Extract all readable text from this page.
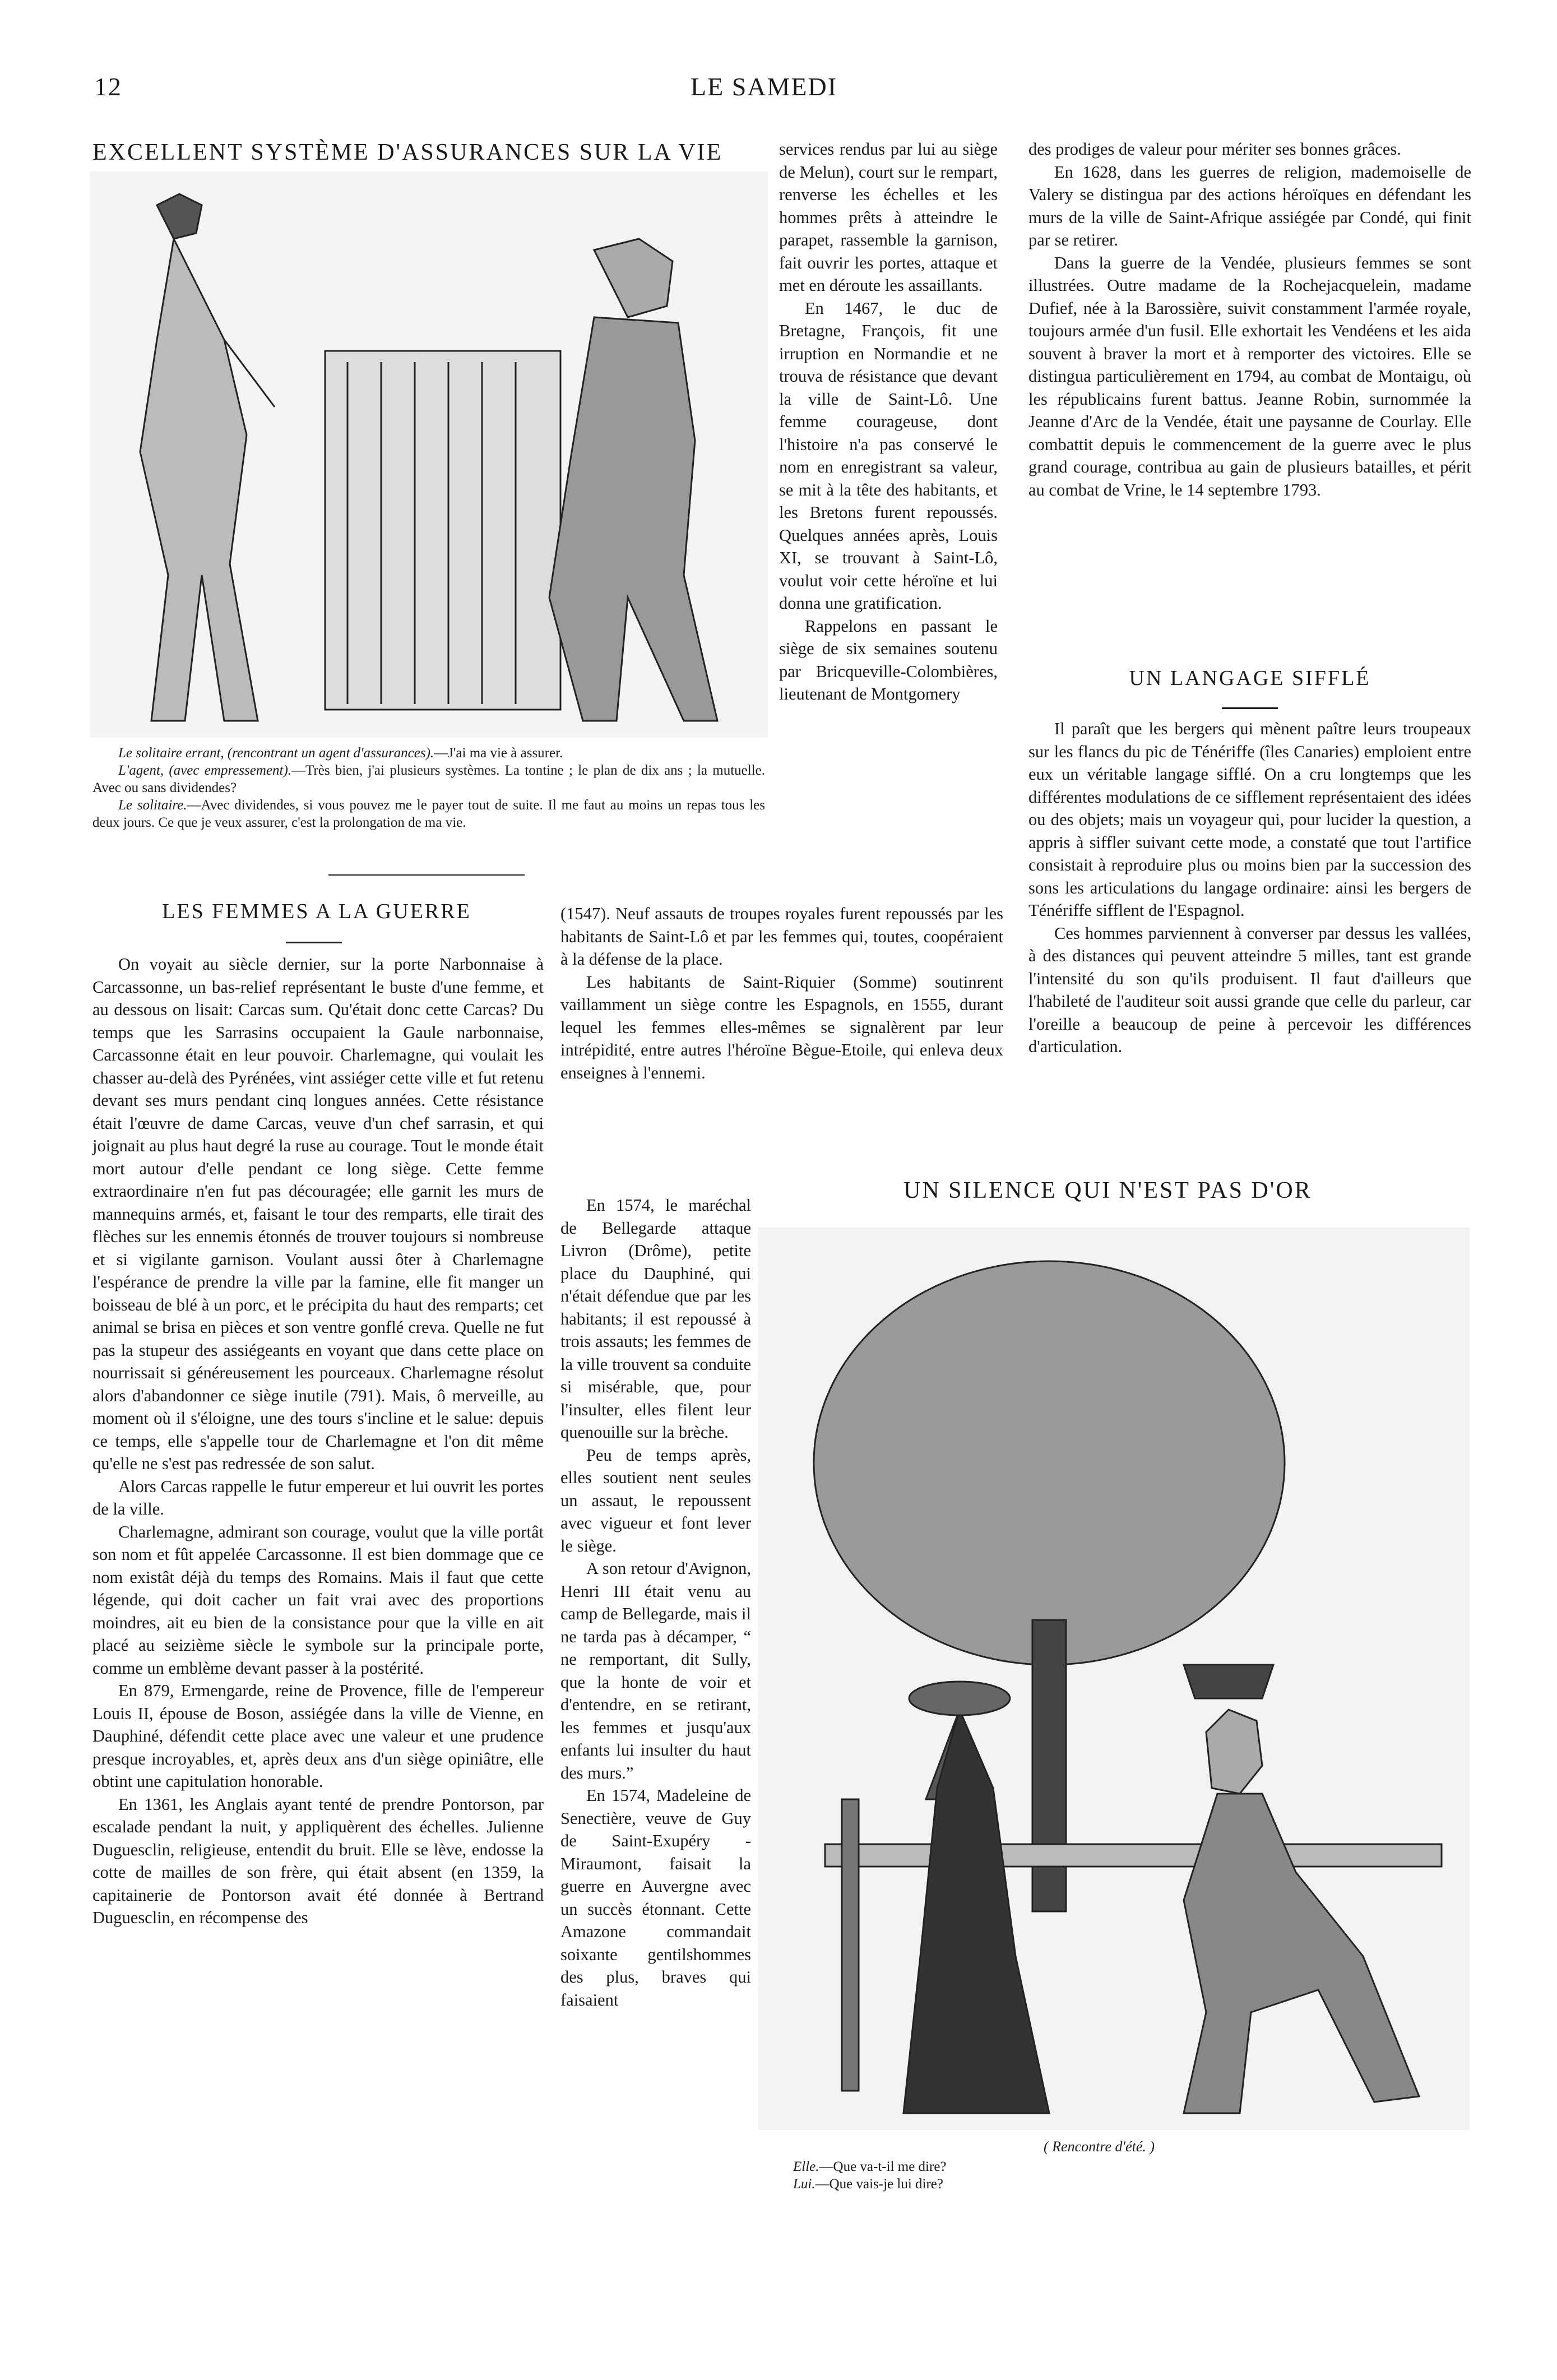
12	LE SAMEDI
EXCELLENT SYSTÈME D'ASSURANCES SUR LA VIE

Le solitaire errant, (rencontrant un agent d'assurances).—J'ai ma vie à assurer.

L'agent, (avec empressement).—Très bien, j'ai plusieurs systèmes. La tontine ; le plan de dix ans ; la mutuelle. Avec ou sans dividendes?

Le solitaire.—Avec dividendes, si vous pouvez me le payer tout de suite. Il me faut au moins un repas tous les deux jours. Ce que je veux assurer, c'est la prolongation de ma vie.

LES FEMMES A LA GUERRE

On voyait au siècle dernier, sur la porte Narbonnaise à Carcassonne, un bas-relief représentant le buste d'une femme, et au dessous on lisait: Carcas sum. Qu'était donc cette Carcas? Du temps que les Sarrasins occupaient la Gaule narbonnaise, Carcassonne était en leur pouvoir. Charlemagne, qui voulait les chasser au-delà des Pyrénées, vint assiéger cette ville et fut retenu devant ses murs pendant cinq longues années. Cette résistance était l'œuvre de dame Carcas, veuve d'un chef sarrasin, et qui joignait au plus haut degré la ruse au courage. Tout le monde était mort autour d'elle pendant ce long siège. Cette femme extraordinaire n'en fut pas découragée; elle garnit les murs de mannequins armés, et, faisant le tour des remparts, elle tirait des flèches sur les ennemis étonnés de trouver toujours si nombreuse et si vigilante garnison. Voulant aussi ôter à Charlemagne l'espérance de prendre la ville par la famine, elle fit manger un boisseau de blé à un porc, et le précipita du haut des remparts; cet animal se brisa en pièces et son ventre gonflé creva. Quelle ne fut pas la stupeur des assiégeants en voyant que dans cette place on nourrissait si généreusement les pourceaux. Charlemagne résolut alors d'abandonner ce siège inutile (791). Mais, ô merveille, au moment où il s'éloigne, une des tours s'incline et le salue: depuis ce temps, elle s'appelle tour de Charlemagne et l'on dit même qu'elle ne s'est pas redressée de son salut.

Alors Carcas rappelle le futur empereur et lui ouvrit les portes de la ville.

Charlemagne, admirant son courage, voulut que la ville portât son nom et fût appelée Carcassonne. Il est bien dommage que ce nom existât déjà du temps des Romains. Mais il faut que cette légende, qui doit cacher un fait vrai avec des proportions moindres, ait eu bien de la consistance pour que la ville en ait placé au seizième siècle le symbole sur la principale porte, comme un emblème devant passer à la postérité.

En 879, Ermengarde, reine de Provence, fille de l'empereur Louis II, épouse de Boson, assiégée dans la ville de Vienne, en Dauphiné, défendit cette place avec une valeur et une prudence presque incroyables, et, après deux ans d'un siège opiniâtre, elle obtint une capitulation honorable.

En 1361, les Anglais ayant tenté de prendre Pontorson, par escalade pendant la nuit, y appliquèrent des échelles. Julienne Duguesclin, religieuse, entendit du bruit. Elle se lève, endosse la cotte de mailles de son frère, qui était absent (en 1359, la capitainerie de Pontorson avait été donnée à Bertrand Duguesclin, en récompense des

services rendus par lui au siège de Melun), court sur le rempart, renverse les échelles et les hommes prêts à atteindre le parapet, rassemble la garnison, fait ouvrir les portes, attaque et met en déroute les assaillants.

En 1467, le duc de Bretagne, François, fit une irruption en Normandie et ne trouva de résistance que devant la ville de Saint-Lô. Une femme courageuse, dont l'histoire n'a pas conservé le nom en enregistrant sa valeur, se mit à la tête des habitants, et les Bretons furent repoussés. Quelques années après, Louis XI, se trouvant à Saint-Lô, voulut voir cette héroïne et lui donna une gratification.

Rappelons en passant le siège de six semaines soutenu par Bricqueville-Colombières, lieutenant de Montgomery

(1547). Neuf assauts de troupes royales furent repoussés par les habitants de Saint-Lô et par les femmes qui, toutes, coopéraient à la défense de la place.

Les habitants de Saint-Riquier (Somme) soutinrent vaillamment un siège contre les Espagnols, en 1555, durant lequel les femmes elles-mêmes se signalèrent par leur intrépidité, entre autres l'héroïne Bègue-Etoile, qui enleva deux enseignes à l'ennemi.

En 1574, le maréchal de Bellegarde attaque Livron (Drôme), petite place du Dauphiné, qui n'était défendue que par les habitants; il est repoussé à trois assauts; les femmes de la ville trouvent sa conduite si misérable, que, pour l'insulter, elles filent leur quenouille sur la brèche.

Peu de temps après, elles soutient nent seules un assaut, le repoussent avec vigueur et font lever le siège.

A son retour d'Avignon, Henri III était venu au camp de Bellegarde, mais il ne tarda pas à décamper, “ ne remportant, dit Sully, que la honte de voir et d'entendre, en se retirant, les femmes et jusqu'aux enfants lui insulter du haut des murs.”

En 1574, Madeleine de Senectière, veuve de Guy de Saint-Exupéry - Miraumont, faisait la guerre en Auvergne avec un succès étonnant. Cette Amazone commandait soixante gentilshommes des plus, braves qui faisaient

des prodiges de valeur pour mériter ses bonnes grâces.

En 1628, dans les guerres de religion, mademoiselle de Valery se distingua par des actions héroïques en défendant les murs de la ville de Saint-Afrique assiégée par Condé, qui finit par se retirer.

Dans la guerre de la Vendée, plusieurs femmes se sont illustrées. Outre madame de la Rochejacquelein, madame Dufief, née à la Barossière, suivit constamment l'armée royale, toujours armée d'un fusil. Elle exhortait les Vendéens et les aida souvent à braver la mort et à remporter des victoires. Elle se distingua particulièrement en 1794, au combat de Montaigu, où les républicains furent battus. Jeanne Robin, surnommée la Jeanne d'Arc de la Vendée, était une paysanne de Courlay. Elle combattit depuis le commencement de la guerre avec le plus grand courage, contribua au gain de plusieurs batailles, et périt au combat de Vrine, le 14 septembre 1793.

UN LANGAGE SIFFLÉ

Il paraît que les bergers qui mènent paître leurs troupeaux sur les flancs du pic de Ténériffe (îles Canaries) emploient entre eux un véritable langage sifflé. On a cru longtemps que les différentes modulations de ce sifflement représentaient des idées ou des objets; mais un voyageur qui, pour lucider la question, a appris à siffler suivant cette mode, a constaté que tout l'artifice consistait à reproduire plus ou moins bien par la succession des sons les articulations du langage ordinaire: ainsi les bergers de Ténériffe sifflent de l'Espagnol.

Ces hommes parviennent à converser par dessus les vallées, à des distances qui peuvent atteindre 5 milles, tant est grande l'intensité du son qu'ils produisent. Il faut d'ailleurs que l'habileté de l'auditeur soit aussi grande que celle du parleur, car l'oreille a beaucoup de peine à percevoir les différences d'articulation.

UN SILENCE QUI N'EST PAS D'OR
( Rencontre d'été. )

Elle.—Que va-t-il me dire?

Lui.—Que vais-je lui dire?
